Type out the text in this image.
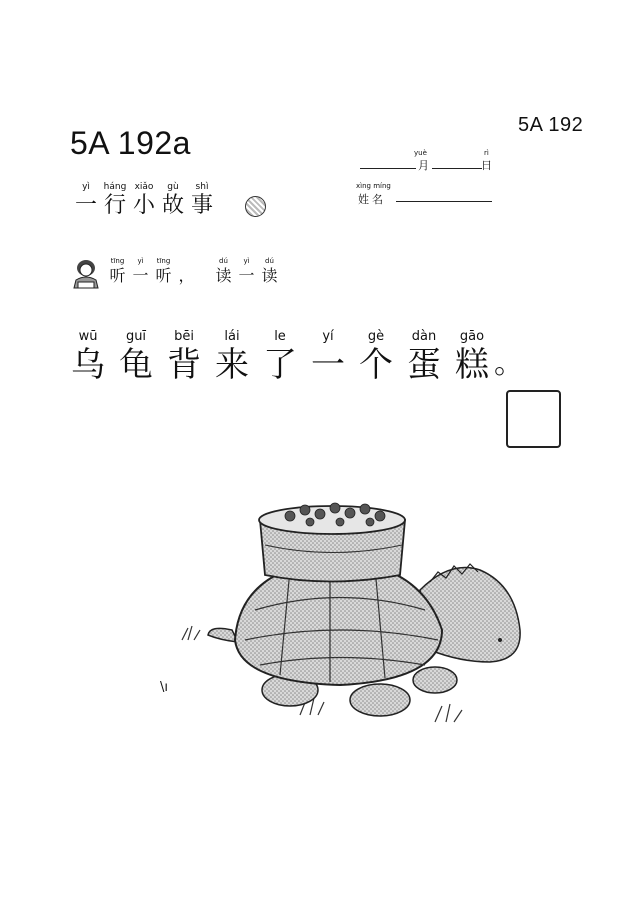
5A 192
5A 192a	yuè
月
rì
日
xìng míng
姓名
yì
一
háng
行
xiǎo
小
gù
故
shì
事
tīng
听
yì
一
tīng
听 ，
dú
读
yì
一
dú
读
wū
乌
guī
龟
bēi
背
lái
来
le
了
yí
一
gè
个
dàn
蛋
gāo
糕 。
\ı
